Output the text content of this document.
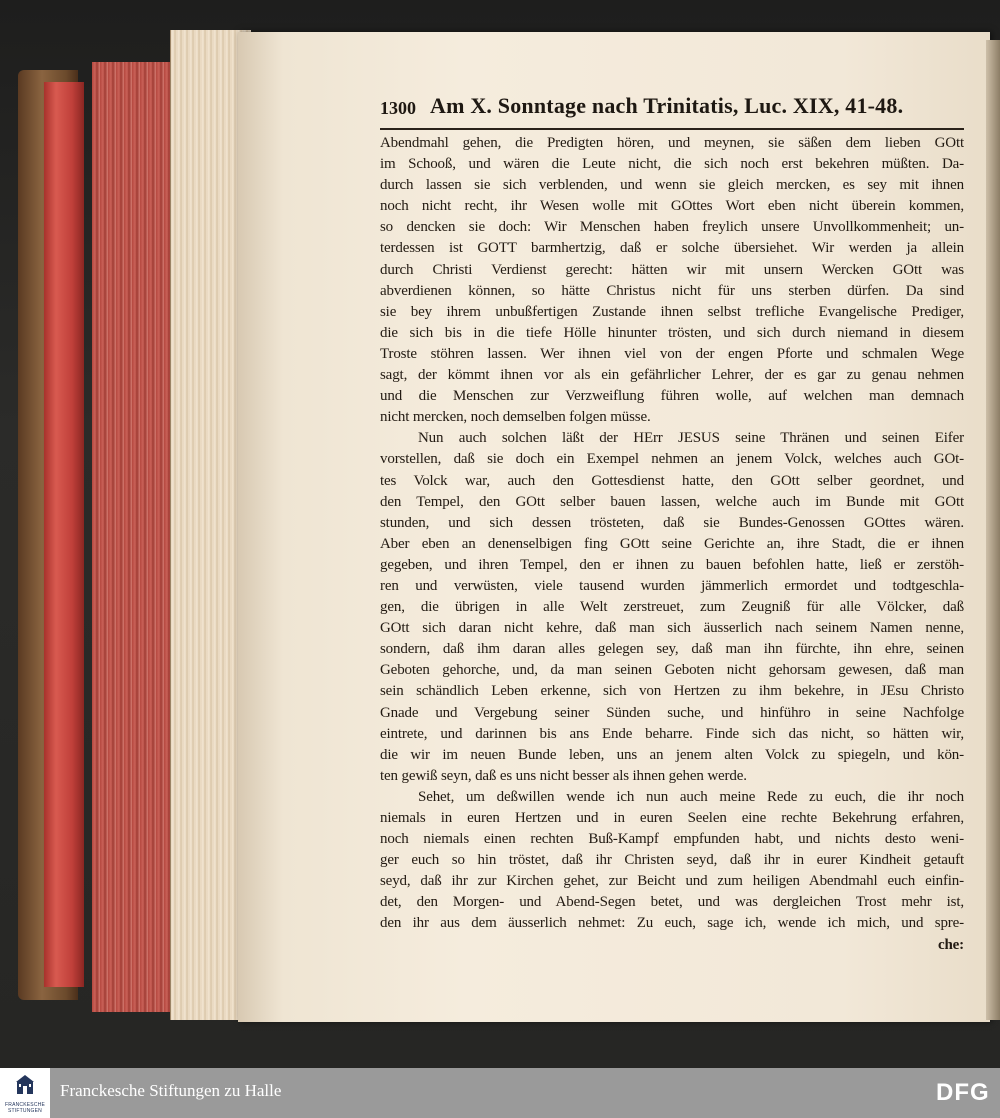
1300 Am X. Sonntage nach Trinitatis, Luc. XIX, 41-48.
Abendmahl gehen, die Predigten hören, und meynen, sie säßen dem lieben GOtt
im Schooß, und wären die Leute nicht, die sich noch erst bekehren müßten. Da-
durch lassen sie sich verblenden, und wenn sie gleich mercken, es sey mit ihnen
noch nicht recht, ihr Wesen wolle mit GOttes Wort eben nicht überein kommen,
so dencken sie doch: Wir Menschen haben freylich unsere Unvollkommenheit; un-
terdessen ist GOTT barmhertzig, daß er solche übersiehet. Wir werden ja allein
durch Christi Verdienst gerecht: hätten wir mit unsern Wercken GOtt was
abverdienen können, so hätte Christus nicht für uns sterben dürfen. Da sind
sie bey ihrem unbußfertigen Zustande ihnen selbst trefliche Evangelische Prediger,
die sich bis in die tiefe Hölle hinunter trösten, und sich durch niemand in diesem
Troste stöhren lassen. Wer ihnen viel von der engen Pforte und schmalen Wege
sagt, der kömmt ihnen vor als ein gefährlicher Lehrer, der es gar zu genau nehmen
und die Menschen zur Verzweiflung führen wolle, auf welchen man demnach
nicht mercken, noch demselben folgen müsse.
Nun auch solchen läßt der HErr JESUS seine Thränen und seinen Eifer
vorstellen, daß sie doch ein Exempel nehmen an jenem Volck, welches auch GOt-
tes Volck war, auch den Gottesdienst hatte, den GOtt selber geordnet, und
den Tempel, den GOtt selber bauen lassen, welche auch im Bunde mit GOtt
stunden, und sich dessen trösteten, daß sie Bundes-Genossen GOttes wären.
Aber eben an denenselbigen fing GOtt seine Gerichte an, ihre Stadt, die er ihnen
gegeben, und ihren Tempel, den er ihnen zu bauen befohlen hatte, ließ er zerstöh-
ren und verwüsten, viele tausend wurden jämmerlich ermordet und todtgeschla-
gen, die übrigen in alle Welt zerstreuet, zum Zeugniß für alle Völcker, daß
GOtt sich daran nicht kehre, daß man sich äusserlich nach seinem Namen nenne,
sondern, daß ihm daran alles gelegen sey, daß man ihn fürchte, ihn ehre, seinen
Geboten gehorche, und, da man seinen Geboten nicht gehorsam gewesen, daß man
sein schändlich Leben erkenne, sich von Hertzen zu ihm bekehre, in JEsu Christo
Gnade und Vergebung seiner Sünden suche, und hinführo in seine Nachfolge
eintrete, und darinnen bis ans Ende beharre. Finde sich das nicht, so hätten wir,
die wir im neuen Bunde leben, uns an jenem alten Volck zu spiegeln, und kön-
ten gewiß seyn, daß es uns nicht besser als ihnen gehen werde.
Sehet, um deßwillen wende ich nun auch meine Rede zu euch, die ihr noch
niemals in euren Hertzen und in euren Seelen eine rechte Bekehrung erfahren,
noch niemals einen rechten Buß-Kampf empfunden habt, und nichts desto weni-
ger euch so hin tröstet, daß ihr Christen seyd, daß ihr in eurer Kindheit getauft
seyd, daß ihr zur Kirchen gehet, zur Beicht und zum heiligen Abendmahl euch einfin-
det, den Morgen- und Abend-Segen betet, und was dergleichen Trost mehr ist,
den ihr aus dem äusserlich nehmet: Zu euch, sage ich, wende ich mich, und spre-
che:
FRANCKESCHE
STIFTUNGEN
Franckesche Stiftungen zu Halle	DFG
